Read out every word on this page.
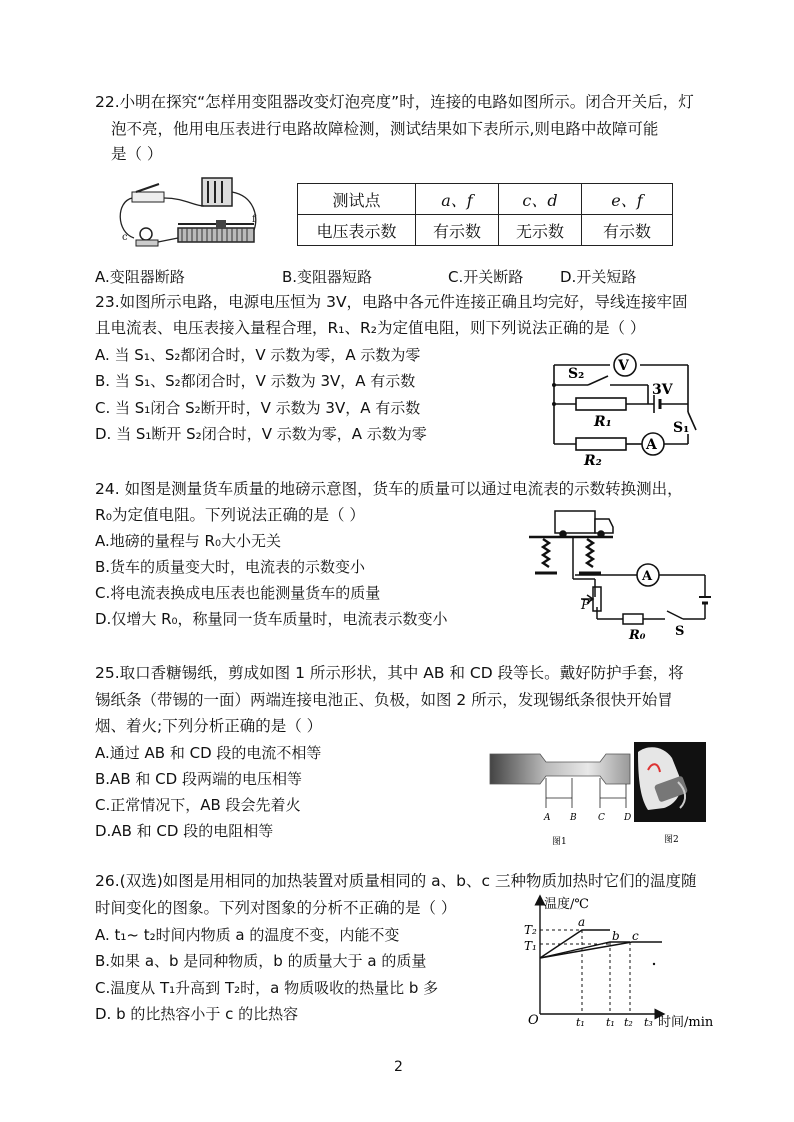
22.小明在探究“怎样用变阻器改变灯泡亮度”时，连接的电路如图所示。闭合开关后，灯
泡不亮，他用电压表进行电路故障检测，测试结果如下表所示,则电路中故障可能
是（ ）
c
f
测试点	a、f	c、d	e、f
电压表示数	有示数	无示数	有示数
A.变阻器断路	B.变阻器短路	C.开关断路 D.开关短路
23.如图所示电路，电源电压恒为 3V，电路中各元件连接正确且均完好，导线连接牢固
且电流表、电压表接入量程合理，R₁、R₂为定值电阻，则下列说法正确的是（ ）
A. 当 S₁、S₂都闭合时，V 示数为零，A 示数为零
B. 当 S₁、S₂都闭合时，V 示数为 3V，A 有示数
C. 当 S₁闭合 S₂断开时，V 示数为 3V，A 有示数
D. 当 S₁断开 S₂闭合时，V 示数为零，A 示数为零
V
A
S₂
3V
R₁	S₁
R₂
24. 如图是测量货车质量的地磅示意图，货车的质量可以通过电流表的示数转换测出，
R₀为定值电阻。下列说法正确的是（ ）
A.地磅的量程与 R₀大小无关
B.货车的质量变大时，电流表的示数变小
C.将电流表换成电压表也能测量货车的质量
D.仅增大 R₀，称量同一货车质量时，电流表示数变小
A
P
R₀ S
25.取口香糖锡纸，剪成如图 1 所示形状，其中 AB 和 CD 段等长。戴好防护手套，将
锡纸条（带锡的一面）两端连接电池正、负极，如图 2 所示，发现锡纸条很快开始冒
烟、着火;下列分析正确的是（ ）
A.通过 AB 和 CD 段的电流不相等
B.AB 和 CD 段两端的电压相等
C.正常情况下，AB 段会先着火
D.AB 和 CD 段的电阻相等
A B C D
图1	图2
26.(双选)如图是用相同的加热装置对质量相同的 a、b、c 三种物质加热时它们的温度随
时间变化的图象。下列对图象的分析不正确的是（ ）
A. t₁~ t₂时间内物质 a 的温度不变，内能不变
B.如果 a、b 是同种物质，b 的质量大于 a 的质量
C.温度从 T₁升高到 T₂时，a 物质吸收的热量比 b 多
D. b 的比热容小于 c 的比热容
温度/℃
时间/min
O
T₂
T₁
t₁ t₁ t₂ t₃
a
b c
2
